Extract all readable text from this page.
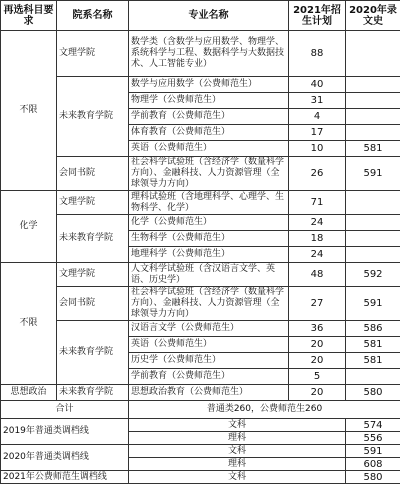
再选科目要求	院系名称	专业名称	2021年招生计划	2020年录文史
不限	文理学院	数学类（含数学与应用数学、物理学、系统科学与工程、数据科学与大数据技术、人工智能专业）	88	
	未来教育学院	数学与应用数学（公费师范生）	40	
		物理学（公费师范生）	31	
		学前教育（公费师范生）	4	
		体育教育（公费师范生）	17	
		英语（公费师范生）	10	581
	会同书院	社会科学试验班（含经济学（数量科学方向）、金融科技、人力资源管理（全球领导力方向）	26	591
化学	文理学院	理科试验班（含地理科学、心理学、生物科学、化学）	71	
	未来教育学院	化学（公费师范生）	24	
		生物科学（公费师范生）	18	
		地理科学（公费师范生）	24	
不限	文理学院	人文科学试验班（含汉语言文学、英语、历史学）	48	592
	会同书院	社会科学试验班（含经济学（数量科学方向）、金融科技、人力资源管理（全球领导力方向）	27	591
	未来教育学院	汉语言文学（公费师范生）	36	586
		英语（公费师范生）	20	581
		历史学（公费师范生）	20	581
		学前教育（公费师范生）	5	
思想政治	未来教育学院	思想政治教育（公费师范生）	20	580
合计		普通类260，公费师范生260		
2019年普通类调档线		文科		574
		理科		556
2020年普通类调档线		文科		591
		理科		608
2021年公费师范生调档线		文科		580
